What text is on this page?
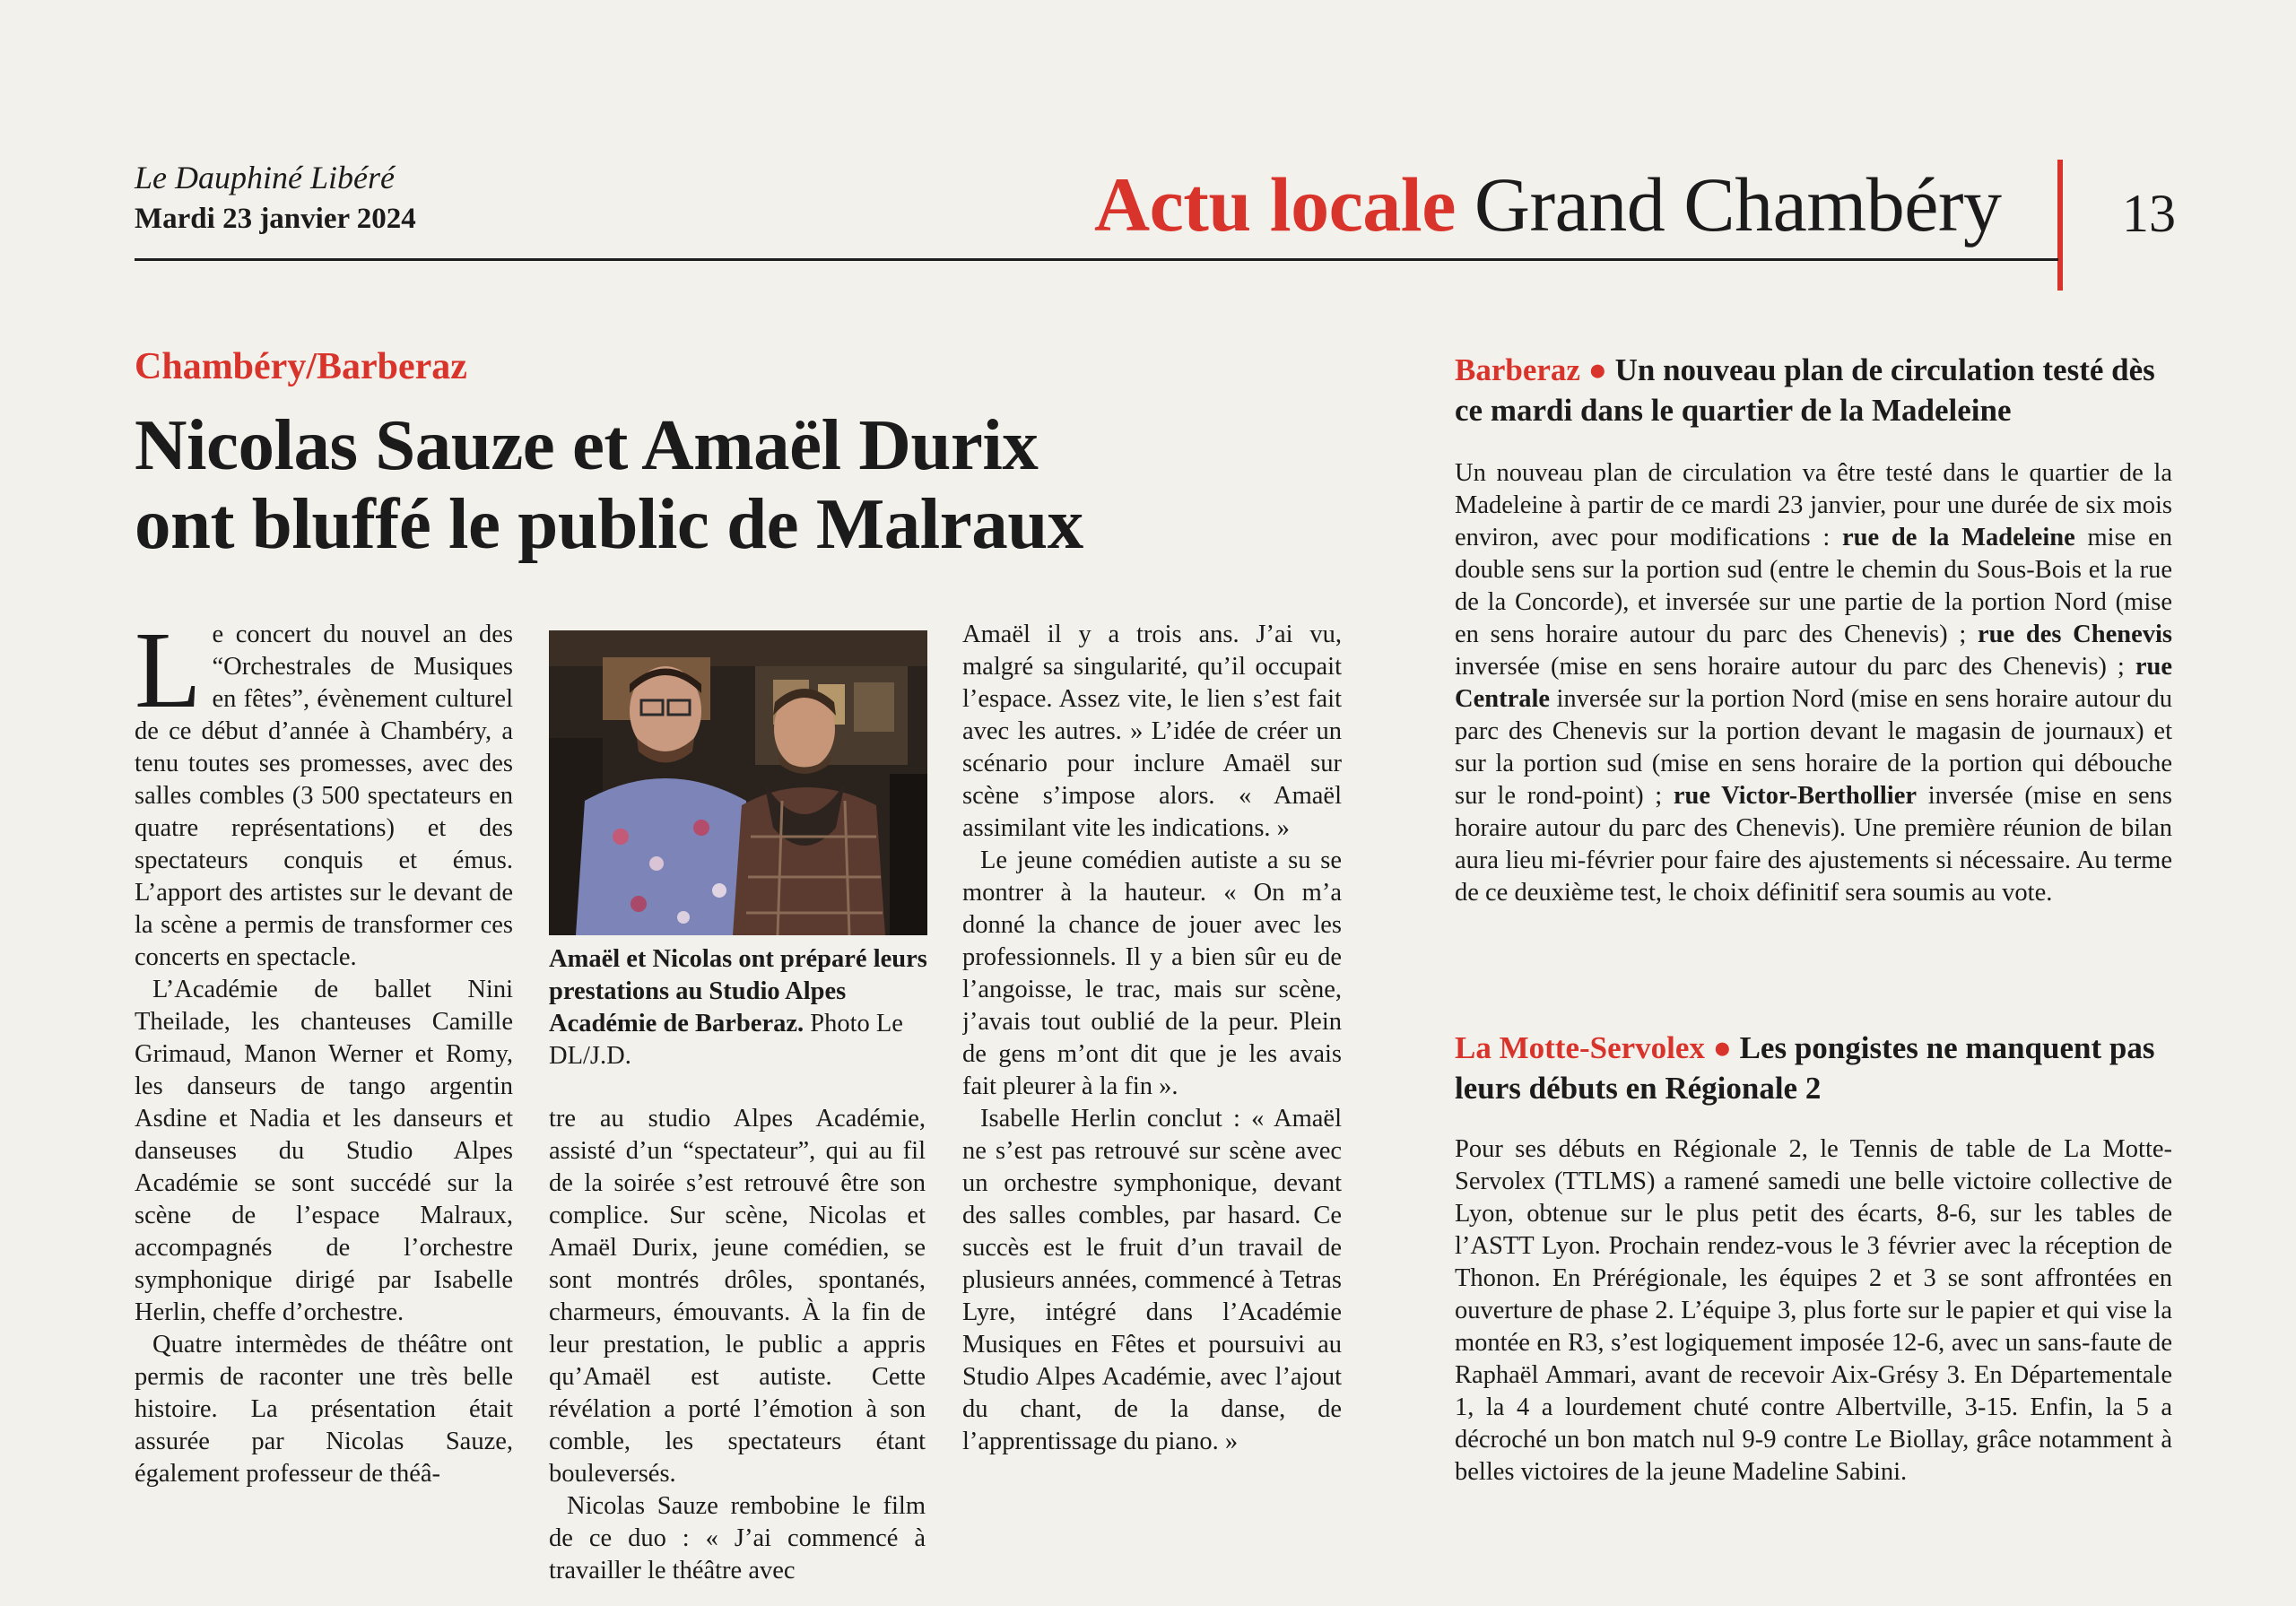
Le Dauphiné Libéré
Mardi 23 janvier 2024	Actu locale Grand Chambéry 13
Chambéry/Barberaz
Nicolas Sauze et Amaël Durix
ont bluffé le public de Malraux

Le concert du nouvel an des “Orchestrales de Musiques en fêtes”, évènement culturel de ce début d’année à Chambéry, a tenu toutes ses promesses, avec des salles combles (3 500 spectateurs en quatre représentations) et des spectateurs conquis et émus. L’apport des artistes sur le devant de la scène a permis de transformer ces concerts en spectacle.

L’Académie de ballet Nini Theilade, les chanteuses Camille Grimaud, Manon Werner et Romy, les danseurs de tango argentin Asdine et Nadia et les danseurs et danseuses du Studio Alpes Académie se sont succédé sur la scène de l’espace Malraux, accompagnés de l’orchestre symphonique dirigé par Isabelle Herlin, cheffe d’orchestre.

Quatre intermèdes de théâtre ont permis de raconter une très belle histoire. La présentation était assurée par Nicolas Sauze, également professeur de théâ-

Amaël et Nicolas ont préparé leurs prestations au Studio Alpes Académie de Barberaz. Photo Le DL/J.D.

tre au studio Alpes Académie, assisté d’un “spectateur”, qui au fil de la soirée s’est retrouvé être son complice. Sur scène, Nicolas et Amaël Durix, jeune comédien, se sont montrés drôles, spontanés, charmeurs, émouvants. À la fin de leur prestation, le public a appris qu’Amaël est autiste. Cette révélation a porté l’émotion à son comble, les spectateurs étant bouleversés.

Nicolas Sauze rembobine le film de ce duo : « J’ai commencé à travailler le théâtre avec

Amaël il y a trois ans. J’ai vu, malgré sa singularité, qu’il occupait l’espace. Assez vite, le lien s’est fait avec les autres. » L’idée de créer un scénario pour inclure Amaël sur scène s’impose alors. « Amaël assimilant vite les indications. »

Le jeune comédien autiste a su se montrer à la hauteur. « On m’a donné la chance de jouer avec les professionnels. Il y a bien sûr eu de l’angoisse, le trac, mais sur scène, j’avais tout oublié de la peur. Plein de gens m’ont dit que je les avais fait pleurer à la fin ».

Isabelle Herlin conclut : « Amaël ne s’est pas retrouvé sur scène avec un orchestre symphonique, devant des salles combles, par hasard. Ce succès est le fruit d’un travail de plusieurs années, commencé à Tetras Lyre, intégré dans l’Académie Musiques en Fêtes et poursuivi au Studio Alpes Académie, avec l’ajout du chant, de la danse, de l’apprentissage du piano. »

Barberaz ● Un nouveau plan de circulation testé dès ce mardi dans le quartier de la Madeleine

Un nouveau plan de circulation va être testé dans le quartier de la Madeleine à partir de ce mardi 23 janvier, pour une durée de six mois environ, avec pour modifications : rue de la Madeleine mise en double sens sur la portion sud (entre le chemin du Sous-Bois et la rue de la Concorde), et inversée sur une partie de la portion Nord (mise en sens horaire autour du parc des Chenevis) ; rue des Chenevis inversée (mise en sens horaire autour du parc des Chenevis) ; rue Centrale inversée sur la portion Nord (mise en sens horaire autour du parc des Chenevis sur la portion devant le magasin de journaux) et sur la portion sud (mise en sens horaire de la portion qui débouche sur le rond-point) ; rue Victor-Berthollier inversée (mise en sens horaire autour du parc des Chenevis). Une première réunion de bilan aura lieu mi-février pour faire des ajustements si nécessaire. Au terme de ce deuxième test, le choix définitif sera soumis au vote.

La Motte-Servolex ● Les pongistes ne manquent pas leurs débuts en Régionale 2

Pour ses débuts en Régionale 2, le Tennis de table de La Motte-Servolex (TTLMS) a ramené samedi une belle victoire collective de Lyon, obtenue sur le plus petit des écarts, 8-6, sur les tables de l’ASTT Lyon. Prochain rendez-vous le 3 février avec la réception de Thonon. En Prérégionale, les équipes 2 et 3 se sont affrontées en ouverture de phase 2. L’équipe 3, plus forte sur le papier et qui vise la montée en R3, s’est logiquement imposée 12-6, avec un sans-faute de Raphaël Ammari, avant de recevoir Aix-Grésy 3. En Départementale 1, la 4 a lourdement chuté contre Albertville, 3-15. Enfin, la 5 a décroché un bon match nul 9-9 contre Le Biollay, grâce notamment à belles victoires de la jeune Madeline Sabini.
